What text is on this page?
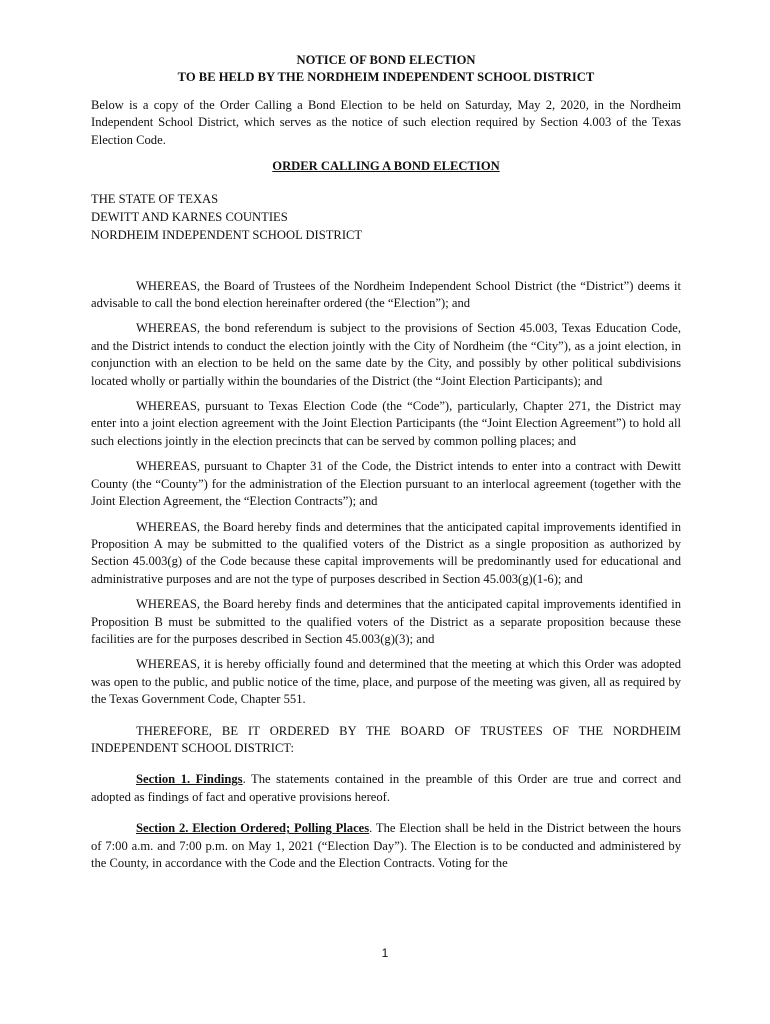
NOTICE OF BOND ELECTION

TO BE HELD BY THE NORDHEIM INDEPENDENT SCHOOL DISTRICT

Below is a copy of the Order Calling a Bond Election to be held on Saturday, May 2, 2020, in the Nordheim Independent School District, which serves as the notice of such election required by Section 4.003 of the Texas Election Code.

ORDER CALLING A BOND ELECTION

THE STATE OF TEXAS
DEWITT AND KARNES COUNTIES
NORDHEIM INDEPENDENT SCHOOL DISTRICT

WHEREAS, the Board of Trustees of the Nordheim Independent School District (the “District”) deems it advisable to call the bond election hereinafter ordered (the “Election”); and

WHEREAS, the bond referendum is subject to the provisions of Section 45.003, Texas Education Code, and the District intends to conduct the election jointly with the City of Nordheim (the “City”), as a joint election, in conjunction with an election to be held on the same date by the City, and possibly by other political subdivisions located wholly or partially within the boundaries of the District (the “Joint Election Participants); and

WHEREAS, pursuant to Texas Election Code (the “Code”), particularly, Chapter 271, the District may enter into a joint election agreement with the Joint Election Participants (the “Joint Election Agreement”) to hold all such elections jointly in the election precincts that can be served by common polling places; and

WHEREAS, pursuant to Chapter 31 of the Code, the District intends to enter into a contract with Dewitt County (the “County”) for the administration of the Election pursuant to an interlocal agreement (together with the Joint Election Agreement, the “Election Contracts”); and

WHEREAS, the Board hereby finds and determines that the anticipated capital improvements identified in Proposition A may be submitted to the qualified voters of the District as a single proposition as authorized by Section 45.003(g) of the Code because these capital improvements will be predominantly used for educational and administrative purposes and are not the type of purposes described in Section 45.003(g)(1-6); and

WHEREAS, the Board hereby finds and determines that the anticipated capital improvements identified in Proposition B must be submitted to the qualified voters of the District as a separate proposition because these facilities are for the purposes described in Section 45.003(g)(3); and

WHEREAS, it is hereby officially found and determined that the meeting at which this Order was adopted was open to the public, and public notice of the time, place, and purpose of the meeting was given, all as required by the Texas Government Code, Chapter 551.

THEREFORE, BE IT ORDERED BY THE BOARD OF TRUSTEES OF THE NORDHEIM INDEPENDENT SCHOOL DISTRICT:

Section 1. Findings. The statements contained in the preamble of this Order are true and correct and adopted as findings of fact and operative provisions hereof.

Section 2. Election Ordered; Polling Places. The Election shall be held in the District between the hours of 7:00 a.m. and 7:00 p.m. on May 1, 2021 (“Election Day”). The Election is to be conducted and administered by the County, in accordance with the Code and the Election Contracts. Voting for the

1
